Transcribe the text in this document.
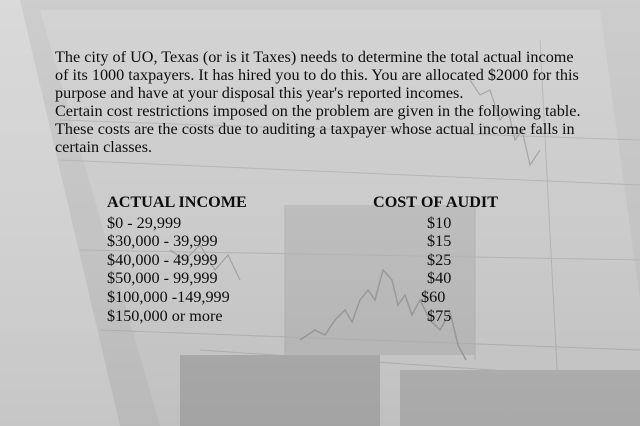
The city of UO, Texas (or is it Taxes) needs to determine the total actual income

of its 1000 taxpayers. It has hired you to do this. You are allocated $2000 for this

purpose and have at your disposal this year's reported incomes.

Certain cost restrictions imposed on the problem are given in the following table.

These costs are the costs due to auditing a taxpayer whose actual income falls in

certain classes.

ACTUAL INCOME	COST OF AUDIT
$0 - 29,999	$10
$30,000 - 39,999	$15
$40,000 - 49,999	$25
$50,000 - 99,999	$40
$100,000 -149,999	$60
$150,000 or more	$75
